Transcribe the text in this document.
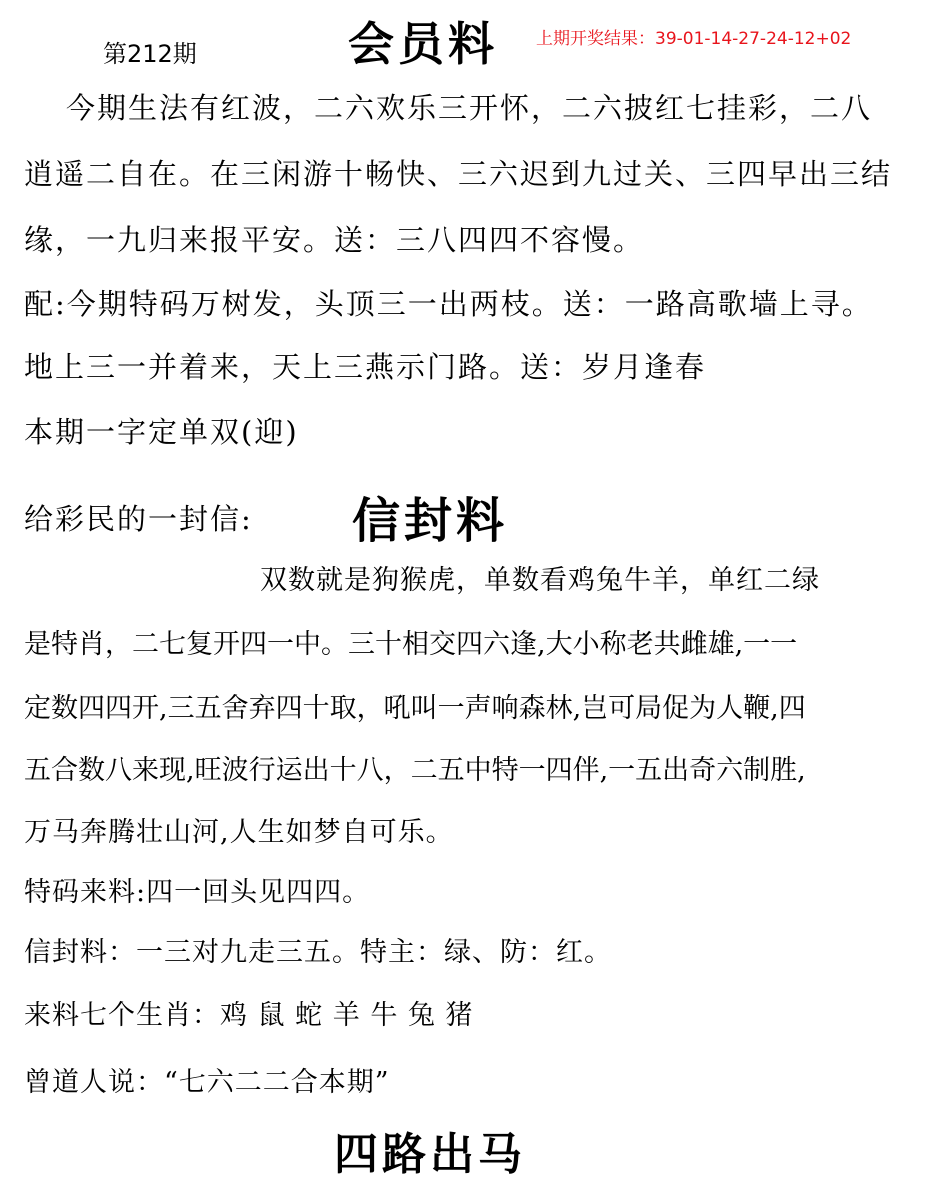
第212期	会员料 上期开奖结果：39-01-14-27-24-12+02
今期生法有红波，二六欢乐三开怀，二六披红七挂彩，二八
逍遥二自在。在三闲游十畅快、三六迟到九过关、三四早出三结
缘，一九归来报平安。送：三八四四不容慢。
配:今期特码万树发，头顶三一出两枝。送：一路高歌墙上寻。
地上三一并着来，天上三燕示门路。送：岁月逢春
本期一字定单双(迎)
给彩民的一封信: 信封料
双数就是狗猴虎，单数看鸡兔牛羊，单红二绿
是特肖，二七复开四一中。三十相交四六逢,大小称老共雌雄,一一
定数四四开,三五舍弃四十取，吼叫一声响森林,岂可局促为人鞭,四
五合数八来现,旺波行运出十八，二五中特一四伴,一五出奇六制胜,
万马奔腾壮山河,人生如梦自可乐。
特码来料:四一回头见四四。
信封料：一三对九走三五。特主：绿、防：红。
来料七个生肖：鸡 鼠 蛇 羊 牛 兔 猪
曾道人说：“七六二二合本期”
四路出马
